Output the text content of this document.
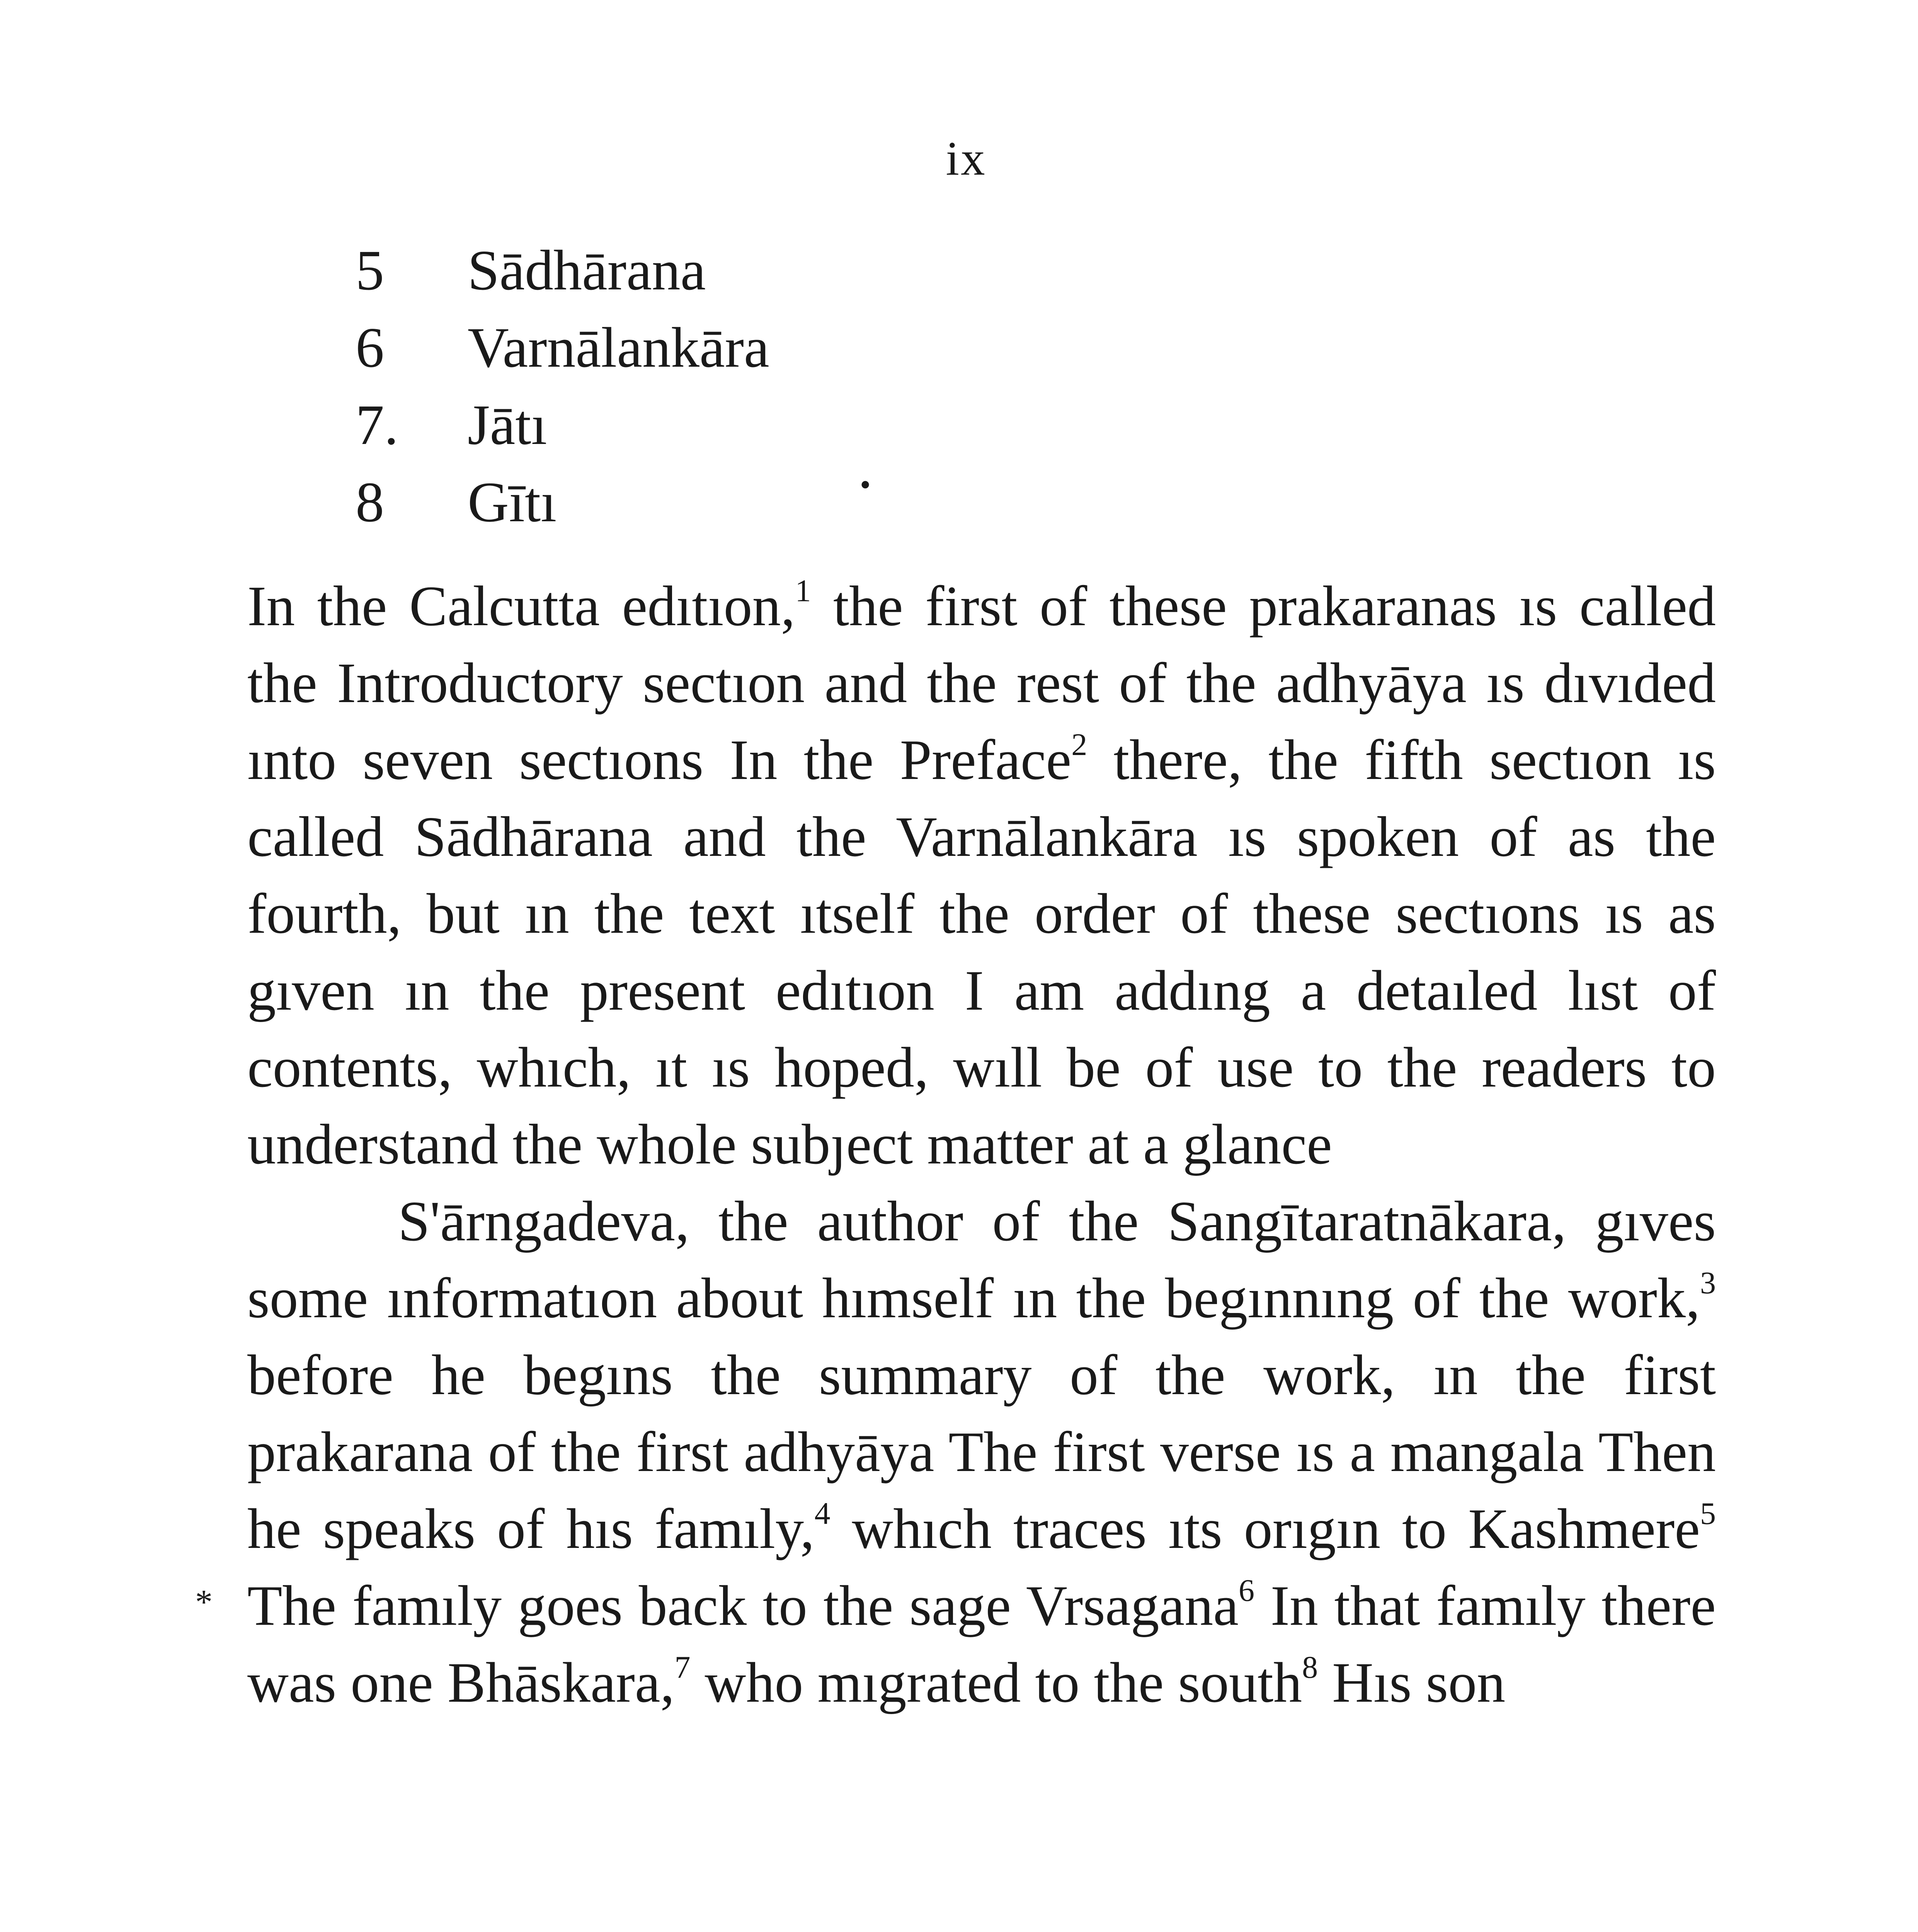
ix
5 Sādhārana
6 Varnālankāra
7. Jātı
8 Gītı	•

In the Calcutta edıtıon,$^1$ the first of these prakaranas ıs called the Introductory sectıon and the rest of the adhyāya ıs dıvıded ınto seven sectıons In the Preface$^2$ there, the fifth sectıon ıs called Sādhārana and the Varnālankāra ıs spoken of as the fourth, but ın the text ıtself the order of these sectıons ıs as gıven ın the present edıtıon I am addıng a detaıled lıst of contents, whıch, ıt ıs hoped, wıll be of use to the readers to understand the whole subȷect matter at a glance

S'ārngadeva, the author of the Sangītaratnākara, gıves some ınformatıon about hımself ın the begınnıng of the work,$^3$ before he begıns the summary of the work, ın the first prakarana of the first adhyāya The first verse ıs a mangala Then he speaks of hıs famıly,$^4$ whıch traces ıts orıgın to Kashmere$^5$ The famıly goes back to the sage Vrsagana$^6$ In that famıly there was one Bhāskara,$^7$ who mıgrated to the south$^8$ Hıs son

*
